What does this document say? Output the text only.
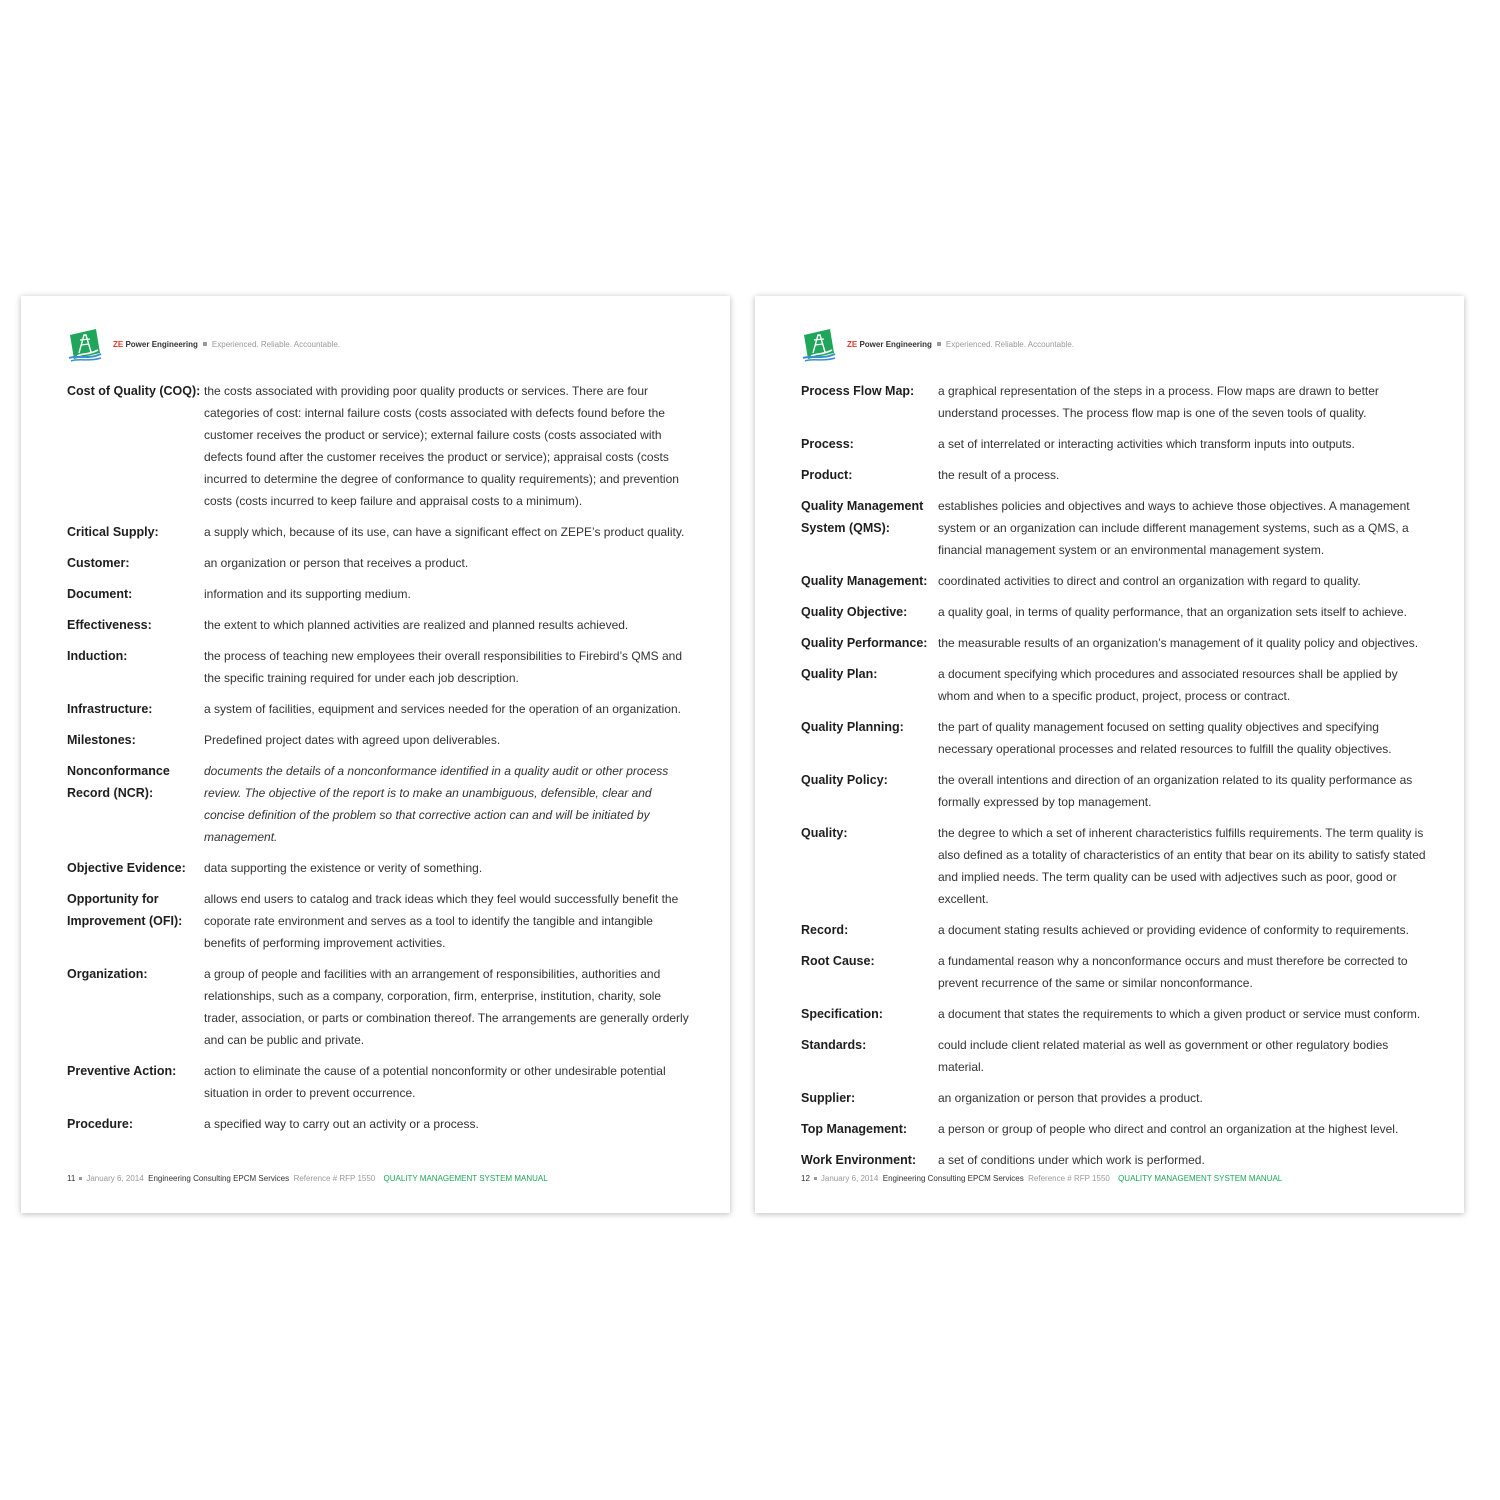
ZE Power Engineering Experienced. Reliable. Accountable.
Cost of Quality (COQ): the costs associated with providing poor quality products or services. There are four categories of cost: internal failure costs (costs associated with defects found before the customer receives the product or service); external failure costs (costs associated with defects found after the customer receives the product or service); appraisal costs (costs incurred to determine the degree of conformance to quality requirements); and prevention costs (costs incurred to keep failure and appraisal costs to a minimum).
Critical Supply:	a supply which, because of its use, can have a significant effect on ZEPE’s product quality.
Customer:	an organization or person that receives a product.
Document:	information and its supporting medium.
Effectiveness:	the extent to which planned activities are realized and planned results achieved.
Induction:	the process of teaching new employees their overall responsibilities to Firebird’s QMS and the specific training required for under each job description.
Infrastructure:	a system of facilities, equipment and services needed for the operation of an organization.
Milestones:	Predefined project dates with agreed upon deliverables.
Nonconformance Record (NCR):
documents the details of a nonconformance identified in a quality audit or other process review. The objective of the report is to make an unambiguous, defensible, clear and concise definition of the problem so that corrective action can and will be initiated by management.
Objective Evidence:	data supporting the existence or verity of something.
Opportunity for Improvement (OFI):
allows end users to catalog and track ideas which they feel would successfully benefit the coporate rate environment and serves as a tool to identify the tangible and intangible benefits of performing improvement activities.
Organization:	a group of people and facilities with an arrangement of responsibilities, authorities and relationships, such as a company, corporation, firm, enterprise, institution, charity, sole trader, association, or parts or combination thereof. The arrangements are generally orderly and can be public and private.
Preventive Action:	action to eliminate the cause of a potential nonconformity or other undesirable potential situation in order to prevent occurrence.
Procedure:	a specified way to carry out an activity or a process.
11 January 6, 2014 Engineering Consulting EPCM Services Reference # RFP 1550 QUALITY MANAGEMENT SYSTEM MANUAL
ZE Power Engineering Experienced. Reliable. Accountable.
Process Flow Map:	a graphical representation of the steps in a process. Flow maps are drawn to better understand processes. The process flow map is one of the seven tools of quality.
Process:	a set of interrelated or interacting activities which transform inputs into outputs.
Product:	the result of a process.
Quality Management System (QMS):
establishes policies and objectives and ways to achieve those objectives. A management system or an organization can include different management systems, such as a QMS, a financial management system or an environmental management system.
Quality Management: coordinated activities to direct and control an organization with regard to quality.
Quality Objective:	a quality goal, in terms of quality performance, that an organization sets itself to achieve.
Quality Performance: the measurable results of an organization’s management of it quality policy and objectives.
Quality Plan:	a document specifying which procedures and associated resources shall be applied by whom and when to a specific product, project, process or contract.
Quality Planning:	the part of quality management focused on setting quality objectives and specifying necessary operational processes and related resources to fulfill the quality objectives.
Quality Policy:	the overall intentions and direction of an organization related to its quality performance as formally expressed by top management.
Quality:	the degree to which a set of inherent characteristics fulfills requirements. The term quality is also defined as a totality of characteristics of an entity that bear on its ability to satisfy stated and implied needs. The term quality can be used with adjectives such as poor, good or excellent.
Record:	a document stating results achieved or providing evidence of conformity to requirements.
Root Cause:	a fundamental reason why a nonconformance occurs and must therefore be corrected to prevent recurrence of the same or similar nonconformance.
Specification:	a document that states the requirements to which a given product or service must conform.
Standards:	could include client related material as well as government or other regulatory bodies material.
Supplier:	an organization or person that provides a product.
Top Management:	a person or group of people who direct and control an organization at the highest level.
Work Environment:	a set of conditions under which work is performed.
12 January 6, 2014 Engineering Consulting EPCM Services Reference # RFP 1550 QUALITY MANAGEMENT SYSTEM MANUAL
